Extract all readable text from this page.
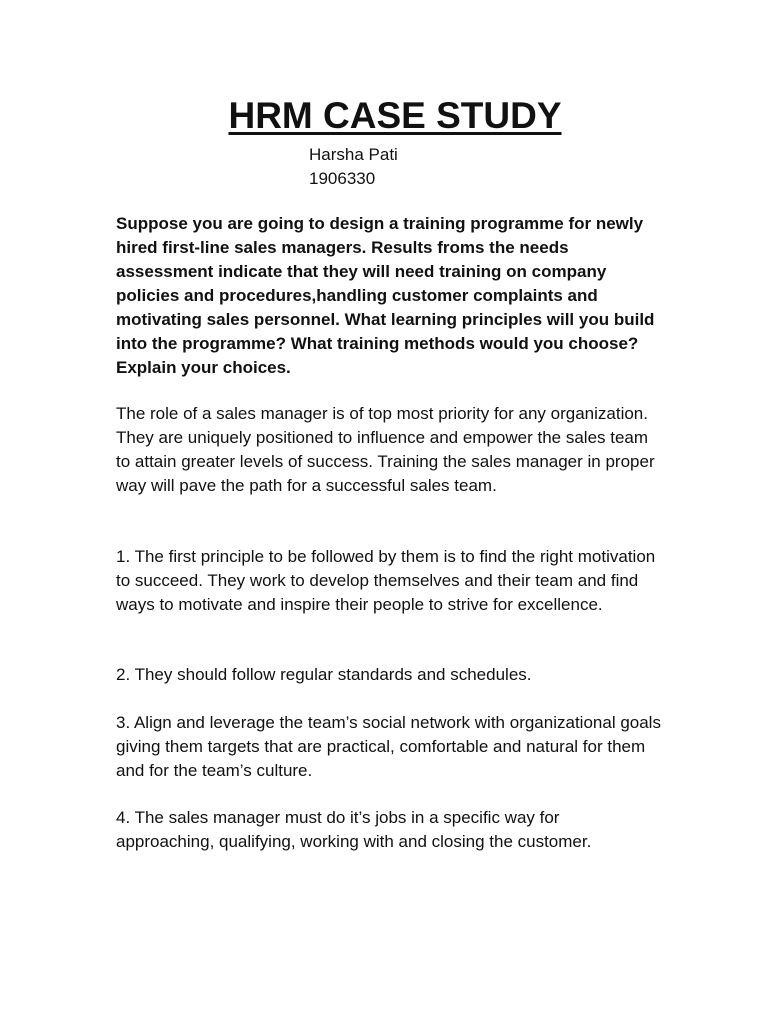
HRM CASE STUDY
Harsha Pati
1906330

Suppose you are going to design a training programme for newly hired first-line sales managers. Results froms the needs assessment indicate that they will need training on company policies and procedures,handling customer complaints and motivating sales personnel. What learning principles will you build into the programme? What training methods would you choose? Explain your choices.

The role of a sales manager is of top most priority for any organization. They are uniquely positioned to influence and empower the sales team to attain greater levels of success. Training the sales manager in proper way will pave the path for a successful sales team.

1. The first principle to be followed by them is to find the right motivation to succeed. They work to develop themselves and their team and find ways to motivate and inspire their people to strive for excellence.

2. They should follow regular standards and schedules.

3. Align and leverage the team’s social network with organizational goals giving them targets that are practical, comfortable and natural for them and for the team’s culture.

4. The sales manager must do it’s jobs in a specific way for approaching, qualifying, working with and closing the customer.
